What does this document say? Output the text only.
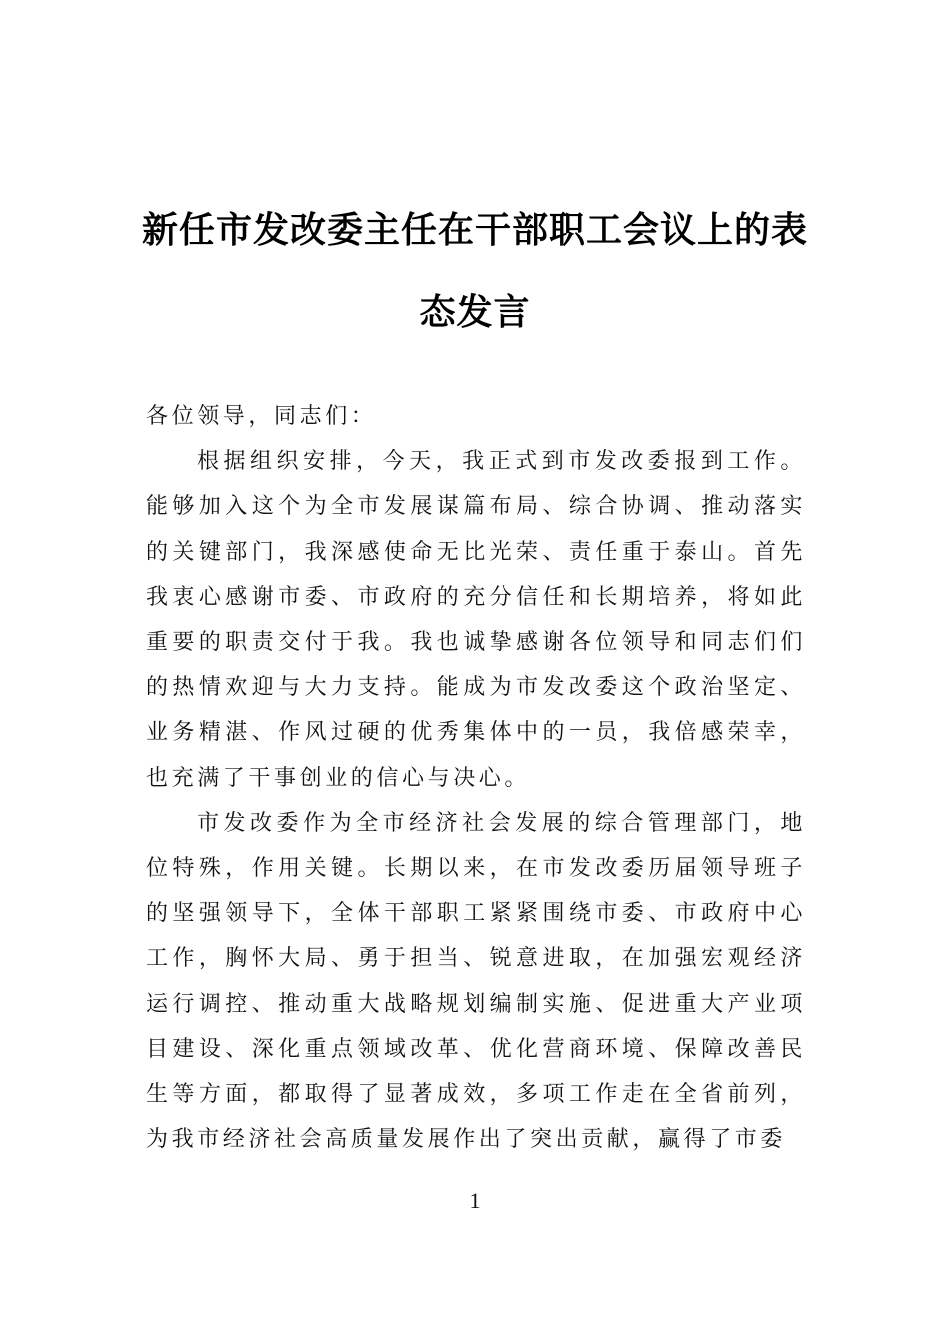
新任市发改委主任在干部职工会议上的表
态发言

各位领导，同志们：

根据组织安排，今天，我正式到市发改委报到工作。能够加入这个为全市发展谋篇布局、综合协调、推动落实的关键部门，我深感使命无比光荣、责任重于泰山。首先我衷心感谢市委、市政府的充分信任和长期培养，将如此重要的职责交付于我。我也诚挚感谢各位领导和同志们们的热情欢迎与大力支持。能成为市发改委这个政治坚定、业务精湛、作风过硬的优秀集体中的一员，我倍感荣幸，也充满了干事创业的信心与决心。

市发改委作为全市经济社会发展的综合管理部门，地位特殊，作用关键。长期以来，在市发改委历届领导班子的坚强领导下，全体干部职工紧紧围绕市委、市政府中心工作，胸怀大局、勇于担当、锐意进取，在加强宏观经济运行调控、推动重大战略规划编制实施、促进重大产业项目建设、深化重点领域改革、优化营商环境、保障改善民生等方面，都取得了显著成效，多项工作走在全省前列，为我市经济社会高质量发展作出了突出贡献，赢得了市委

1
